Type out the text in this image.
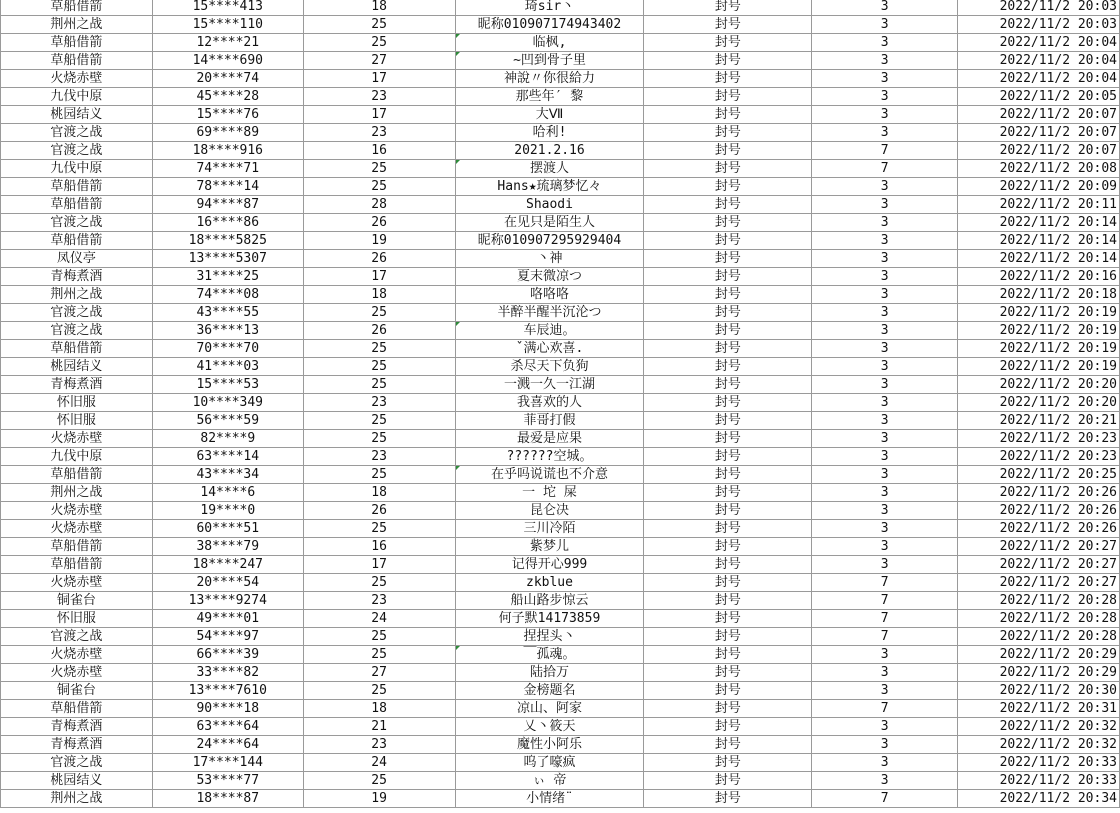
草船借箭	15****413	18	琦sir丶	封号	3	2022/11/2 20:03
荆州之战	15****110	25	昵称010907174943402	封号	3	2022/11/2 20:03
草船借箭	12****21	25	临枫,	封号	3	2022/11/2 20:04
草船借箭	14****690	27	~凹到骨子里	封号	3	2022/11/2 20:04
火烧赤壁	20****74	17	神說〃你很給力	封号	3	2022/11/2 20:04
九伐中原	45****28	23	那些年′ 黎	封号	3	2022/11/2 20:05
桃园结义	15****76	17	大Ⅶ	封号	3	2022/11/2 20:07
官渡之战	69****89	23	哈利!	封号	3	2022/11/2 20:07
官渡之战	18****916	16	2021.2.16	封号	7	2022/11/2 20:07
九伐中原	74****71	25	摆渡人	封号	7	2022/11/2 20:08
草船借箭	78****14	25	Hans★琉璃梦忆々	封号	3	2022/11/2 20:09
草船借箭	94****87	28	Shaodi	封号	3	2022/11/2 20:11
官渡之战	16****86	26	在见只是陌生人	封号	3	2022/11/2 20:14
草船借箭	18****5825	19	昵称010907295929404	封号	3	2022/11/2 20:14
凤仪亭	13****5307	26	丶神	封号	3	2022/11/2 20:14
青梅煮酒	31****25	17	夏末微凉つ	封号	3	2022/11/2 20:16
荆州之战	74****08	18	咯咯咯	封号	3	2022/11/2 20:18
官渡之战	43****55	25	半醉半醒半沉沦つ	封号	3	2022/11/2 20:19
官渡之战	36****13	26	车辰迪。	封号	3	2022/11/2 20:19
草船借箭	70****70	25	ˇ满心欢喜.	封号	3	2022/11/2 20:19
桃园结义	41****03	25	杀尽天下负狗	封号	3	2022/11/2 20:19
青梅煮酒	15****53	25	一溅一久一江湖	封号	3	2022/11/2 20:20
怀旧服	10****349	23	我喜欢的人	封号	3	2022/11/2 20:20
怀旧服	56****59	25	菲哥打假	封号	3	2022/11/2 20:21
火烧赤壁	82****9	25	最爱是应果	封号	3	2022/11/2 20:23
九伐中原	63****14	23	??????空城。	封号	3	2022/11/2 20:23
草船借箭	43****34	25	在乎吗说谎也不介意	封号	3	2022/11/2 20:25
荆州之战	14****6	18	一 坨 屎	封号	3	2022/11/2 20:26
火烧赤壁	19****0	26	昆仑决	封号	3	2022/11/2 20:26
火烧赤壁	60****51	25	三川冷陌	封号	3	2022/11/2 20:26
草船借箭	38****79	16	紫梦儿	封号	3	2022/11/2 20:27
草船借箭	18****247	17	记得开心999	封号	3	2022/11/2 20:27
火烧赤壁	20****54	25	zkblue	封号	7	2022/11/2 20:27
铜雀台	13****9274	23	船山路步惊云	封号	7	2022/11/2 20:28
怀旧服	49****01	24	何子默14173859	封号	7	2022/11/2 20:28
官渡之战	54****97	25	捏捏头丶	封号	7	2022/11/2 20:28
火烧赤壁	66****39	25	￣孤魂。	封号	3	2022/11/2 20:29
火烧赤壁	33****82	27	陆拾万	封号	3	2022/11/2 20:29
铜雀台	13****7610	25	金榜题名	封号	3	2022/11/2 20:30
草船借箭	90****18	18	凉山、阿家	封号	7	2022/11/2 20:31
青梅煮酒	63****64	21	乂丶筱天	封号	3	2022/11/2 20:32
青梅煮酒	24****64	23	魔性小阿乐	封号	3	2022/11/2 20:32
官渡之战	17****144	24	呜了嚎疯	封号	3	2022/11/2 20:33
桃园结义	53****77	25	ぃ 帝	封号	3	2022/11/2 20:33
荆州之战	18****87	19	小情绪¨	封号	7	2022/11/2 20:34
